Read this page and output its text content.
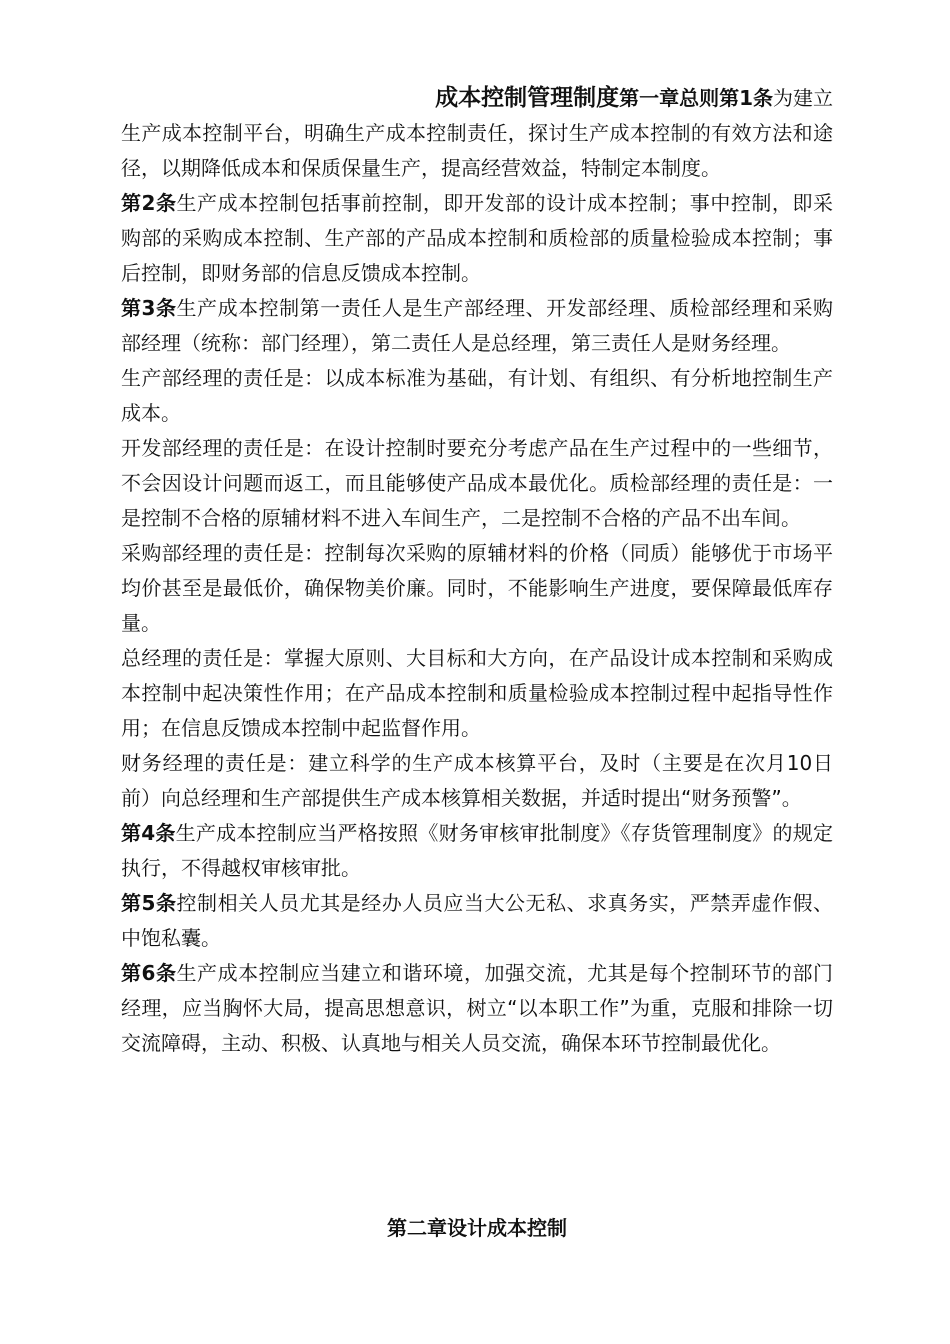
成本控制管理制度第一章总则第1条为建立

生产成本控制平台，明确生产成本控制责任，探讨生产成本控制的有效方法和途径，以期降低成本和保质保量生产，提高经营效益，特制定本制度。

第2条生产成本控制包括事前控制，即开发部的设计成本控制；事中控制，即采购部的采购成本控制、生产部的产品成本控制和质检部的质量检验成本控制；事后控制，即财务部的信息反馈成本控制。

第3条生产成本控制第一责任人是生产部经理、开发部经理、质检部经理和采购部经理（统称：部门经理），第二责任人是总经理，第三责任人是财务经理。

生产部经理的责任是：以成本标准为基础，有计划、有组织、有分析地控制生产成本。

开发部经理的责任是：在设计控制时要充分考虑产品在生产过程中的一些细节，不会因设计问题而返工，而且能够使产品成本最优化。质检部经理的责任是：一是控制不合格的原辅材料不进入车间生产，二是控制不合格的产品不出车间。

采购部经理的责任是：控制每次采购的原辅材料的价格（同质）能够优于市场平均价甚至是最低价，确保物美价廉。同时，不能影响生产进度，要保障最低库存量。

总经理的责任是：掌握大原则、大目标和大方向，在产品设计成本控制和采购成本控制中起决策性作用；在产品成本控制和质量检验成本控制过程中起指导性作用；在信息反馈成本控制中起监督作用。

财务经理的责任是：建立科学的生产成本核算平台，及时（主要是在次月10日前）向总经理和生产部提供生产成本核算相关数据，并适时提出“财务预警”。

第4条生产成本控制应当严格按照《财务审核审批制度》《存货管理制度》的规定执行，不得越权审核审批。

第5条控制相关人员尤其是经办人员应当大公无私、求真务实，严禁弄虚作假、中饱私囊。

第6条生产成本控制应当建立和谐环境，加强交流，尤其是每个控制环节的部门经理，应当胸怀大局，提高思想意识，树立“以本职工作”为重，克服和排除一切交流障碍，主动、积极、认真地与相关人员交流，确保本环节控制最优化。

第二章设计成本控制
